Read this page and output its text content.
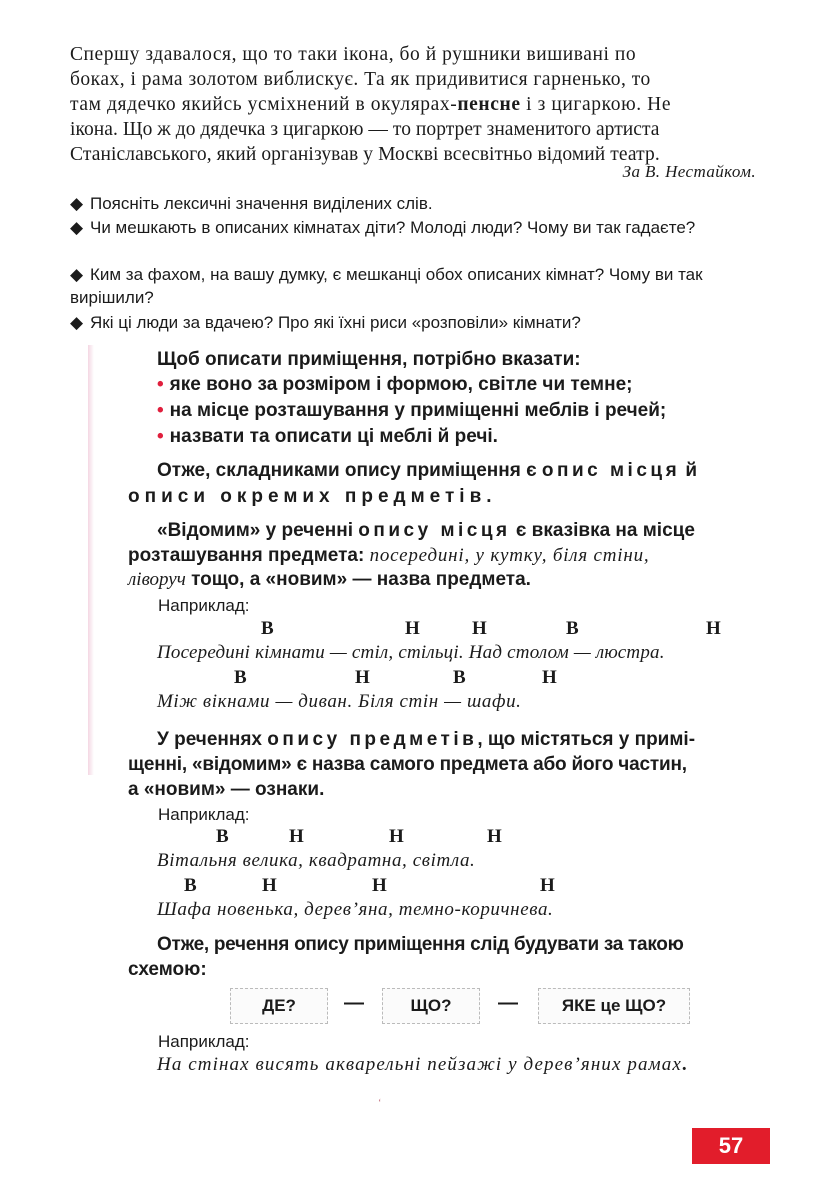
Спершу здавалося, що то таки ікона, бо й рушники вишивані по
боках, і рама золотом виблискує. Та як придивитися гарненько, то
там дядечко якийсь усміхнений в окулярах-пенсне і з цигаркою. Не
ікона. Що ж до дядечка з цигаркою — то портрет знаменитого артиста
Станіславського, який організував у Москві всесвітньо відомий театр.
За В. Нестайком.
◆ Поясніть лексичні значення виділених слів.
◆ Чи мешкають в описаних кімнатах діти? Молоді люди? Чому ви так гадаєте?
◆ Ким за фахом, на вашу думку, є мешканці обох описаних кімнат? Чому ви так вирішили?
◆ Які ці люди за вдачею? Про які їхні риси «розповіли» кімнати?
Щоб описати приміщення, потрібно вказати:
• яке воно за розміром і формою, світле чи темне;
• на місце розташування у приміщенні меблів і речей;
• назвати та описати ці меблі й речі.
Отже, складниками опису приміщення є опис місця й
описи окремих предметів.
«Відомим» у реченні опису місця є вказівка на місце
розташування предмета: посередині, у кутку, біля стіни,
ліворуч тощо, а «новим» — назва предмета.
Наприклад:
В	Н	Н	В	Н
Посередині кімнати — стіл, стільці. Над столом — люстра.
В	Н	В	Н
Між вікнами — диван. Біля стін — шафи.
У реченнях опису предметів, що містяться у примі-
щенні, «відомим» є назва самого предмета або його частин,
а «новим» — ознаки.
Наприклад:
В	Н	Н	Н
Вітальня велика, квадратна, світла.
В	Н	Н	Н
Шафа новенька, дерев’яна, темно-коричнева.
Отже, речення опису приміщення слід будувати за такою
схемою:
ДЕ? —	ЩО? —	ЯКЕ це ЩО?
Наприклад:
На стінах висять акварельні пейзажі у дерев’яних рамах.
ʻ
57
